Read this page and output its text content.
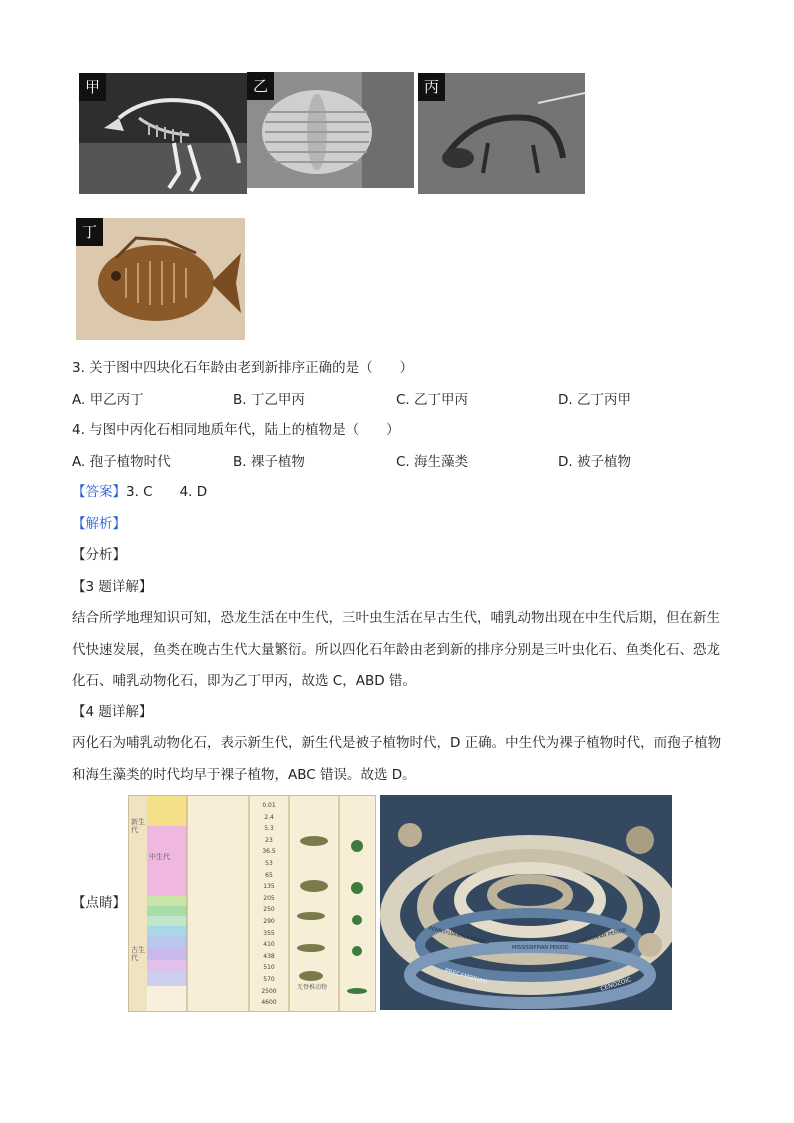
甲	乙	丙
丁
3. 关于图中四块化石年龄由老到新排序正确的是（　　）
A. 甲乙丙丁	B. 丁乙甲丙	C. 乙丁甲丙	D. 乙丁丙甲
4. 与图中丙化石相同地质年代，陆上的植物是（　　）
A. 孢子植物时代	B. 裸子植物	C. 海生藻类	D. 被子植物
【答案】3. C　　4. D
【解析】
【分析】
【3 题详解】
结合所学地理知识可知，恐龙生活在中生代，三叶虫生活在早古生代，哺乳动物出现在中生代后期，但在新生代快速发展，鱼类在晚古生代大量繁衍。所以四化石年龄由老到新的排序分别是三叶虫化石、鱼类化石、恐龙化石、哺乳动物化石，即为乙丁甲丙，故选 C，ABD 错。
【4 题详解】
丙化石为哺乳动物化石，表示新生代，新生代是被子植物时代，D 正确。中生代为裸子植物时代，而孢子植物和海生藻类的时代均早于裸子植物，ABC 错误。故选 D。
【点睛】
新生代
中生代
古生代
无脊椎动物
0.01
2.4
5.3
23
36.5
53
65
135
205
250
290
355
410
438
510
570
2500
4600
PENNSYLVANIAN PERIOD
MISSISSIPPIAN PERIOD
DEVONIAN PERIOD
PRECAMBRIAN	CENOZOIC
